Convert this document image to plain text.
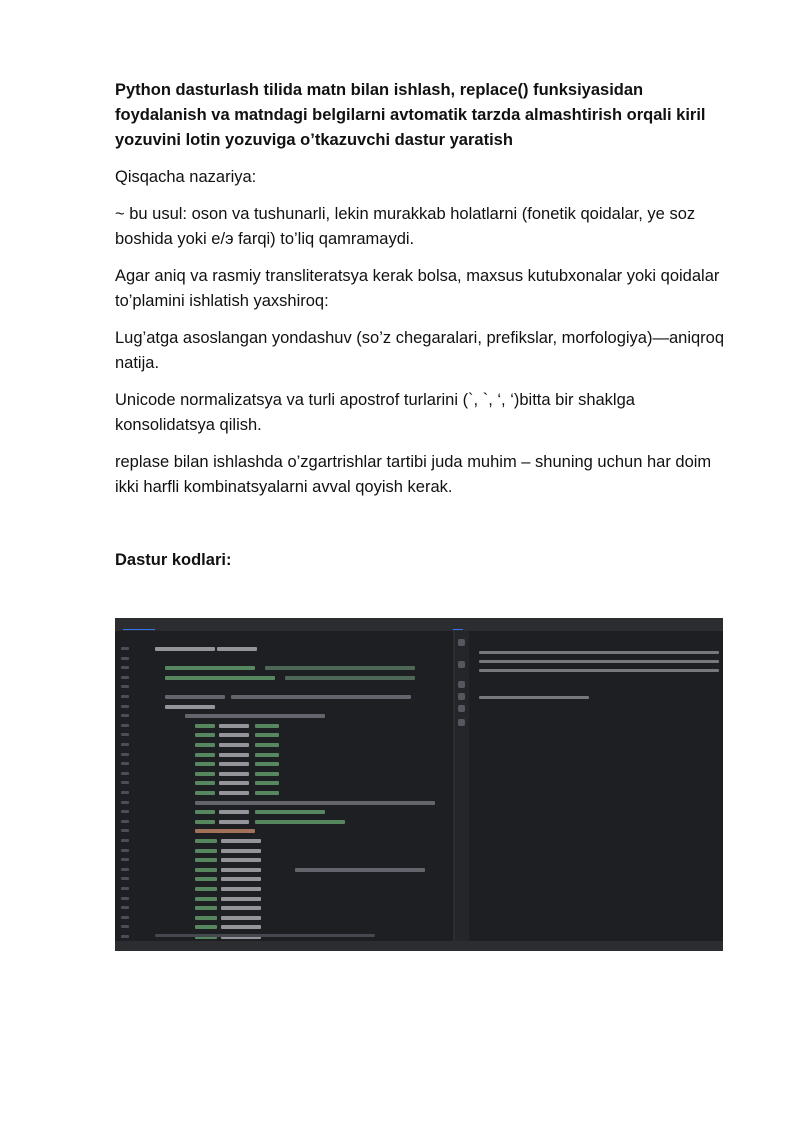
Python dasturlash tilida matn bilan ishlash, replace() funksiyasidan foydalanish va matndagi belgilarni avtomatik tarzda almashtirish orqali kiril yozuvini lotin yozuviga o’tkazuvchi dastur yaratish

Qisqacha nazariya:

~ bu usul: oson va tushunarli, lekin murakkab holatlarni (fonetik qoidalar, ye soz boshida yoki e/э farqi) to’liq qamramaydi.

Agar aniq va rasmiy transliteratsya kerak bolsa, maxsus kutubxonalar yoki qoidalar to’plamini ishlatish yaxshiroq:

Lug’atga asoslangan yondashuv (so’z chegaralari, prefikslar, morfologiya)—aniqroq natija.

Unicode normalizatsya va turli apostrof turlarini (`, `, ‘, ‘)bitta bir shaklga konsolidatsya qilish.

replase bilan ishlashda o’zgartrishlar tartibi juda muhim – shuning uchun har doim ikki harfli kombinatsyalarni avval qoyish kerak.

Dastur kodlari:
